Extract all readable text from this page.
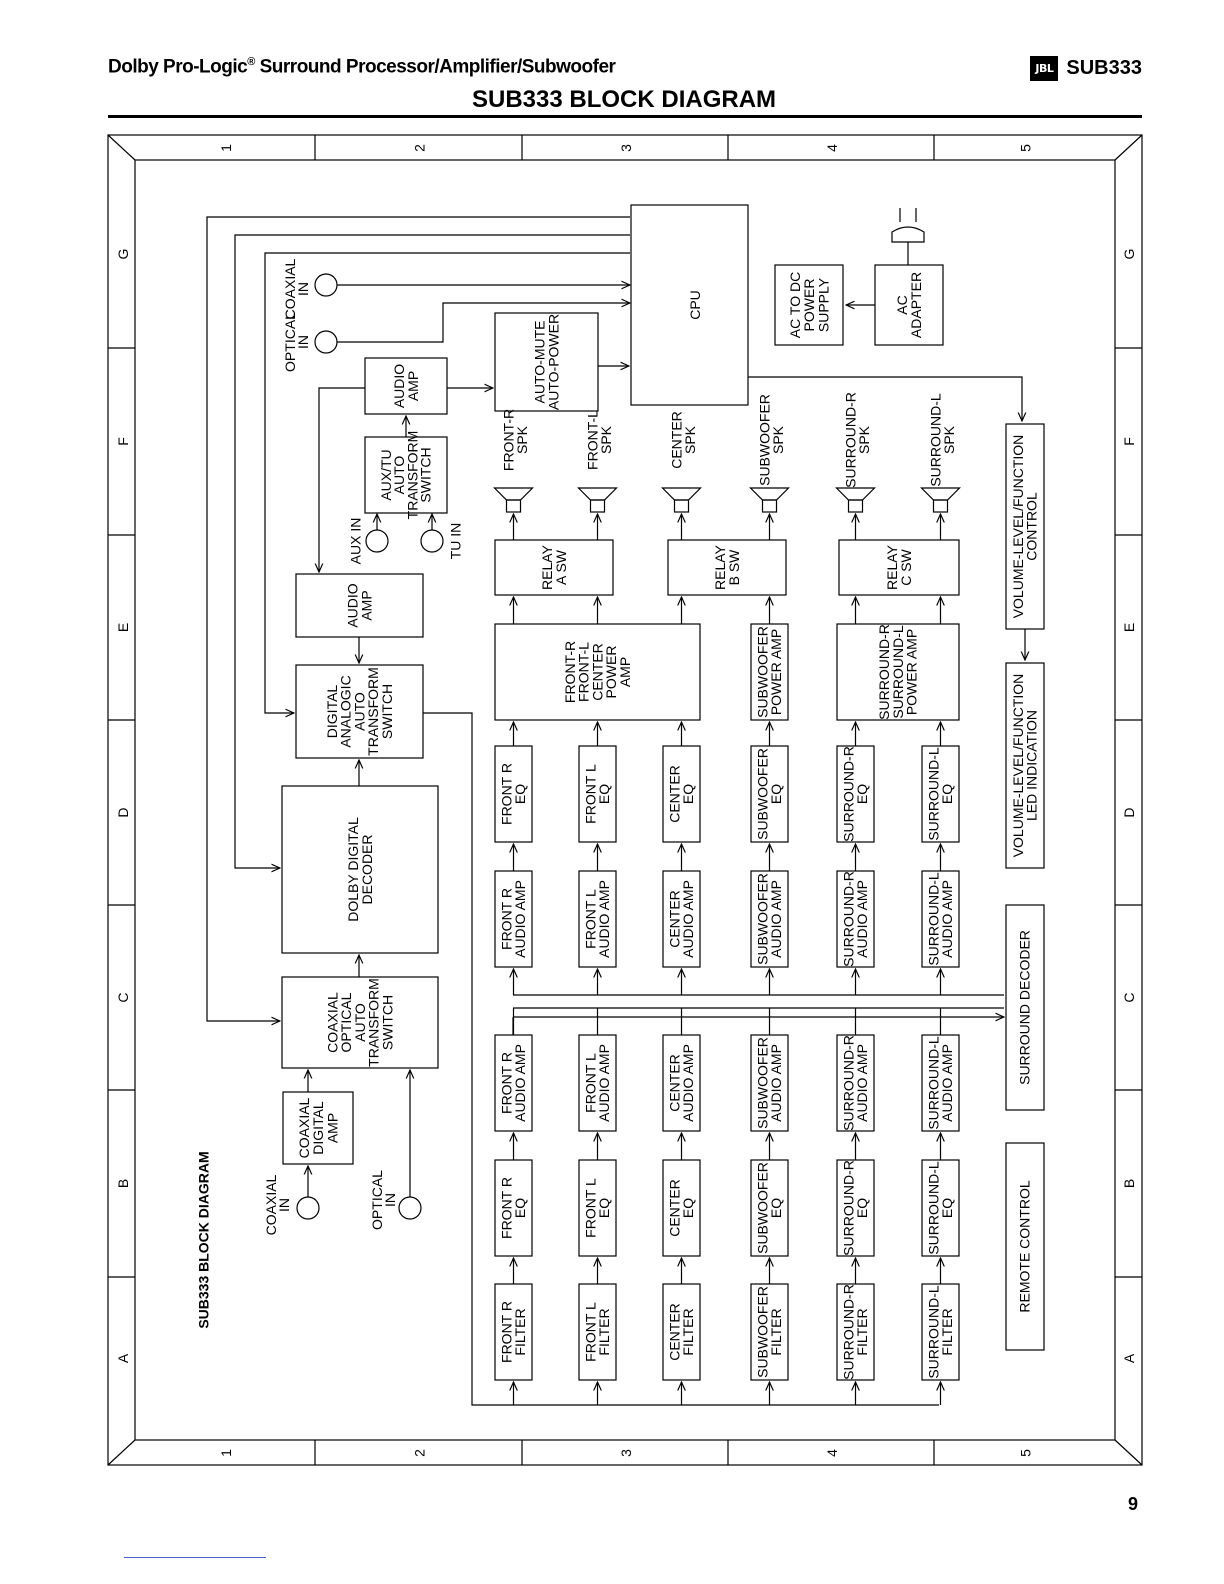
Dolby Pro-Logic® Surround Processor/Amplifier/Subwoofer	JBL SUB333
SUB333 BLOCK DIAGRAM
1
1
2
2
3
3
4
4
5
5
A	A
B	B
C	C
D	D
E	E
F	F
G	G
SUB333 BLOCK DIAGRAM
CPU	AC TO DCPOWERSUPPLY	ACADAPTER
COAXIALIN
OPTICALIN
AUDIOAMP	AUTO-MUTEAUTO-POWER
AUX/TUAUTOTRANSFORMSWITCH
AUX IN	TU IN
AUDIOAMP
DIGITALANALOGICAUTOTRANSFORMSWITCH
DOLBY DIGITALDECODER
COAXIALOPTICALAUTOTRANSFORMSWITCH
COAXIALDIGITALAMP
COAXIALIN	OPTICALIN
FRONT RFILTER
FRONT REQ
FRONT RAUDIO AMP
FRONT RAUDIO AMP
FRONT REQ
FRONT LFILTER
FRONT LEQ
FRONT LAUDIO AMP
FRONT LAUDIO AMP
FRONT LEQ
CENTERFILTER
CENTEREQ
CENTERAUDIO AMP
CENTERAUDIO AMP
CENTEREQ
SUBWOOFERFILTER
SUBWOOFEREQ
SUBWOOFERAUDIO AMP
SUBWOOFERAUDIO AMP
SUBWOOFEREQ
SURROUND-RFILTER
SURROUND-REQ
SURROUND-RAUDIO AMP
SURROUND-RAUDIO AMP
SURROUND-REQ
SURROUND-LFILTER
SURROUND-LEQ
SURROUND-LAUDIO AMP
SURROUND-LAUDIO AMP
SURROUND-LEQ
FRONT-RFRONT-LCENTERPOWERAMP	SUBWOOFERPOWER AMP	SURROUND-RSURROUND-LPOWER AMP
RELAYA SW	RELAYB SW	RELAYC SW
FRONT-RSPK	FRONT-LSPK	CENTERSPK	SUBWOOFERSPK	SURROUND-RSPK	SURROUND-LSPK	VOLUME-LEVEL/FUNCTIONCONTROL
VOLUME-LEVEL/FUNCTIONLED INDICATION
SURROUND DECODER
REMOTE CONTROL
9
